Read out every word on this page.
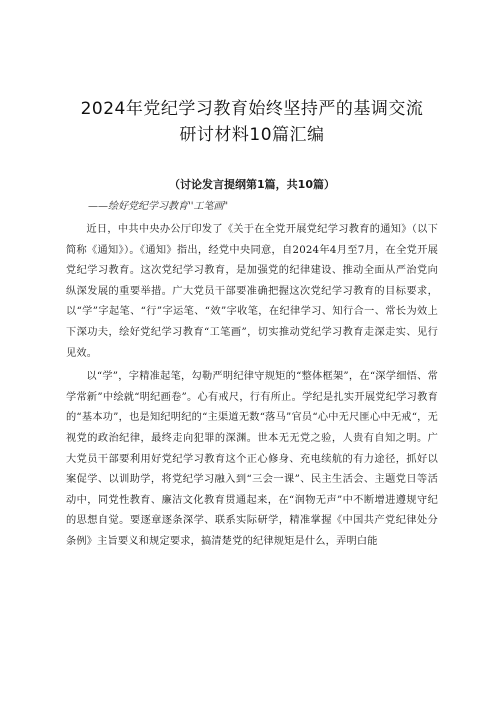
2024年党纪学习教育始终坚持严的基调交流
研讨材料10篇汇编
（讨论发言提纲第1篇，共10篇）
——绘好党纪学习教育''工笔画"

近日，中共中央办公厅印发了《关于在全党开展党纪学习教育的通知》（以下简称《通知》）。《通知》指出，经党中央同意，自2024年4月至7月，在全党开展党纪学习教育。这次党纪学习教育，是加强党的纪律建设、推动全面从严治党向纵深发展的重要举措。广大党员干部要准确把握这次党纪学习教育的目标要求，以“学”字起笔、“行”字运笔、“效”字收笔，在纪律学习、知行合一、常长为效上下深功夫，绘好党纪学习教育“工笔画”，切实推动党纪学习教育走深走实、见行见效。

以“学”，字精准起笔，勾勒严明纪律守规矩的“整体框架”，在“深学细悟、常学常新”中绘就“明纪画卷”。心有戒尺，行有所止。学纪是扎实开展党纪学习教育的“基本功”，也是知纪明纪的“主渠道无数“落马”官员“心中无尺匪心中无戒“，无视党的政治纪律，最终走向犯罪的深渊。世本无无党之验，人贵有自知之明。广大党员干部要利用好党纪学习教育这个正心修身、充电续航的有力途径，抓好以案促学、以训助学，将党纪学习融入到“三会一课”、民主生活会、主题党日等活动中，同党性教育、廉洁文化教育贯通起来，在“润物无声”中不断增进遵规守纪的思想自觉。要逐章逐条深学、联系实际研学，精准掌握《中国共产党纪律处分条例》主旨要义和规定要求，搞清楚党的纪律规矩是什么，弄明白能
